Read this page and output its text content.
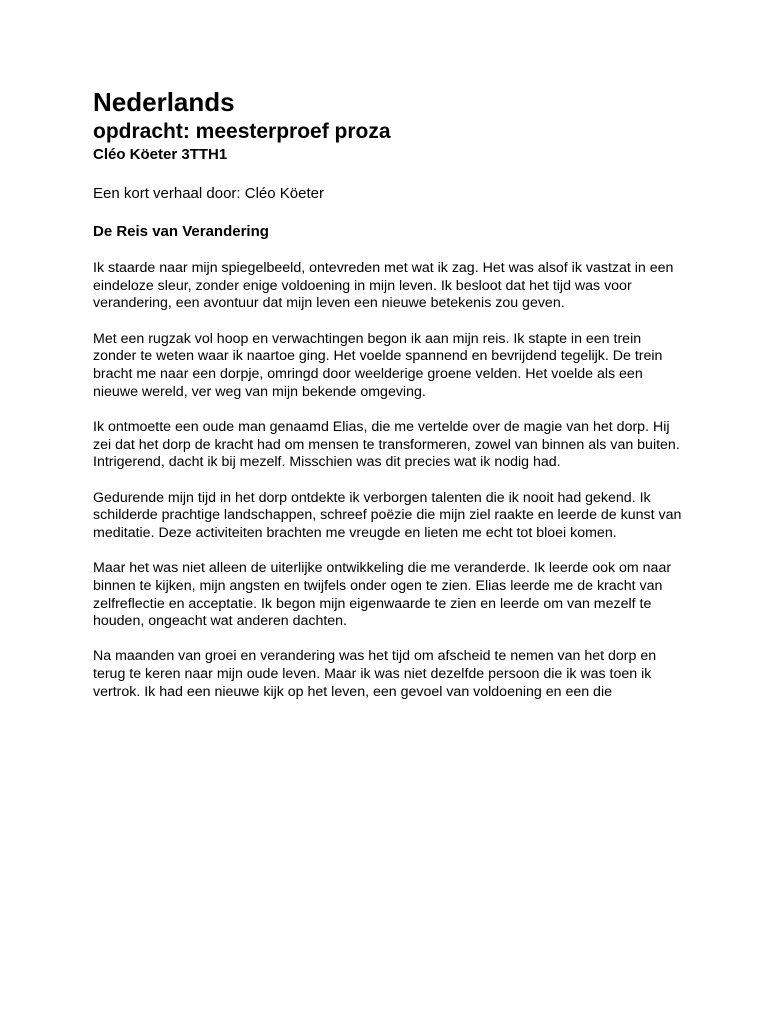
Nederlands
opdracht: meesterproef proza

Cléo Köeter 3TTH1

Een kort verhaal door: Cléo Köeter

De Reis van Verandering

Ik staarde naar mijn spiegelbeeld, ontevreden met wat ik zag. Het was alsof ik vastzat in een eindeloze sleur, zonder enige voldoening in mijn leven. Ik besloot dat het tijd was voor verandering, een avontuur dat mijn leven een nieuwe betekenis zou geven.

Met een rugzak vol hoop en verwachtingen begon ik aan mijn reis. Ik stapte in een trein zonder te weten waar ik naartoe ging. Het voelde spannend en bevrijdend tegelijk. De trein bracht me naar een dorpje, omringd door weelderige groene velden. Het voelde als een nieuwe wereld, ver weg van mijn bekende omgeving.

Ik ontmoette een oude man genaamd Elias, die me vertelde over de magie van het dorp. Hij zei dat het dorp de kracht had om mensen te transformeren, zowel van binnen als van buiten. Intrigerend, dacht ik bij mezelf. Misschien was dit precies wat ik nodig had.

Gedurende mijn tijd in het dorp ontdekte ik verborgen talenten die ik nooit had gekend. Ik schilderde prachtige landschappen, schreef poëzie die mijn ziel raakte en leerde de kunst van meditatie. Deze activiteiten brachten me vreugde en lieten me echt tot bloei komen.

Maar het was niet alleen de uiterlijke ontwikkeling die me veranderde. Ik leerde ook om naar binnen te kijken, mijn angsten en twijfels onder ogen te zien. Elias leerde me de kracht van zelfreflectie en acceptatie. Ik begon mijn eigenwaarde te zien en leerde om van mezelf te houden, ongeacht wat anderen dachten.

Na maanden van groei en verandering was het tijd om afscheid te nemen van het dorp en terug te keren naar mijn oude leven. Maar ik was niet dezelfde persoon die ik was toen ik vertrok. Ik had een nieuwe kijk op het leven, een gevoel van voldoening en een die
